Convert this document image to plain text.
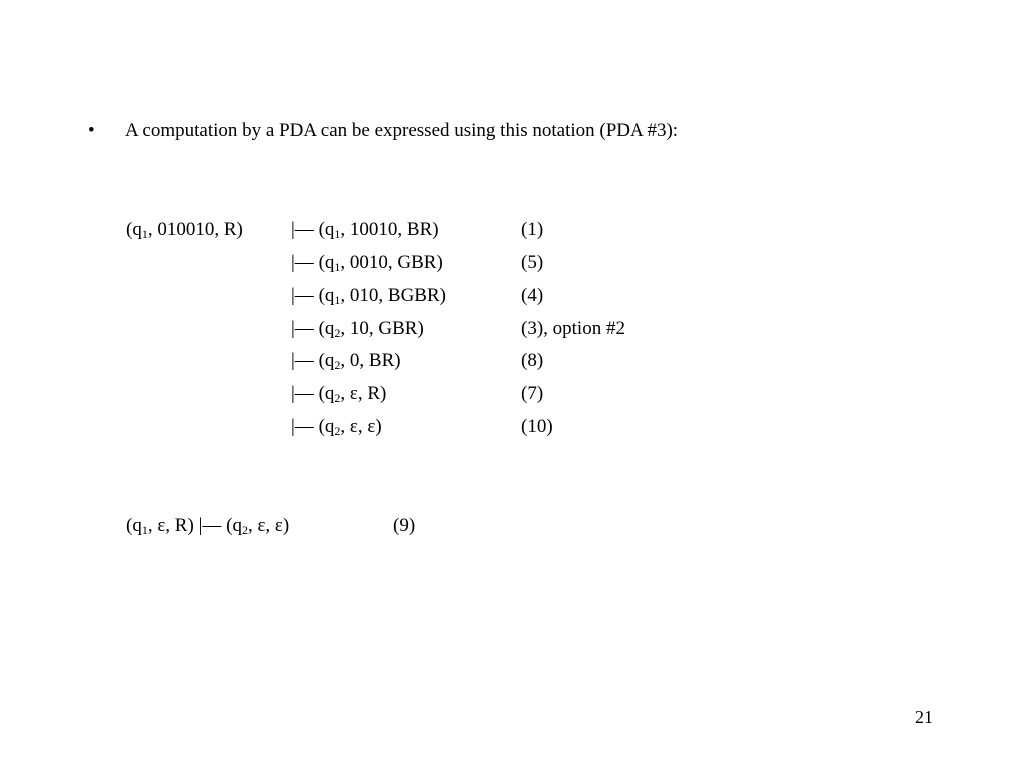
• A computation by a PDA can be expressed using this notation (PDA #3):
($q_1$, 010010, R)	|— ($q_1$, 10010, BR)	(1)
|— ($q_1$, 0010, GBR)	(5)
|— ($q_1$, 010, BGBR)	(4)
|— ($q_2$, 10, GBR)	(3), option #2
|— ($q_2$, 0, BR)	(8)
|— ($q_2$, ε, R)	(7)
|— ($q_2$, ε, ε)	(10)
($q_1$, ε, R) |— ($q_2$, ε, ε)	(9)
21
